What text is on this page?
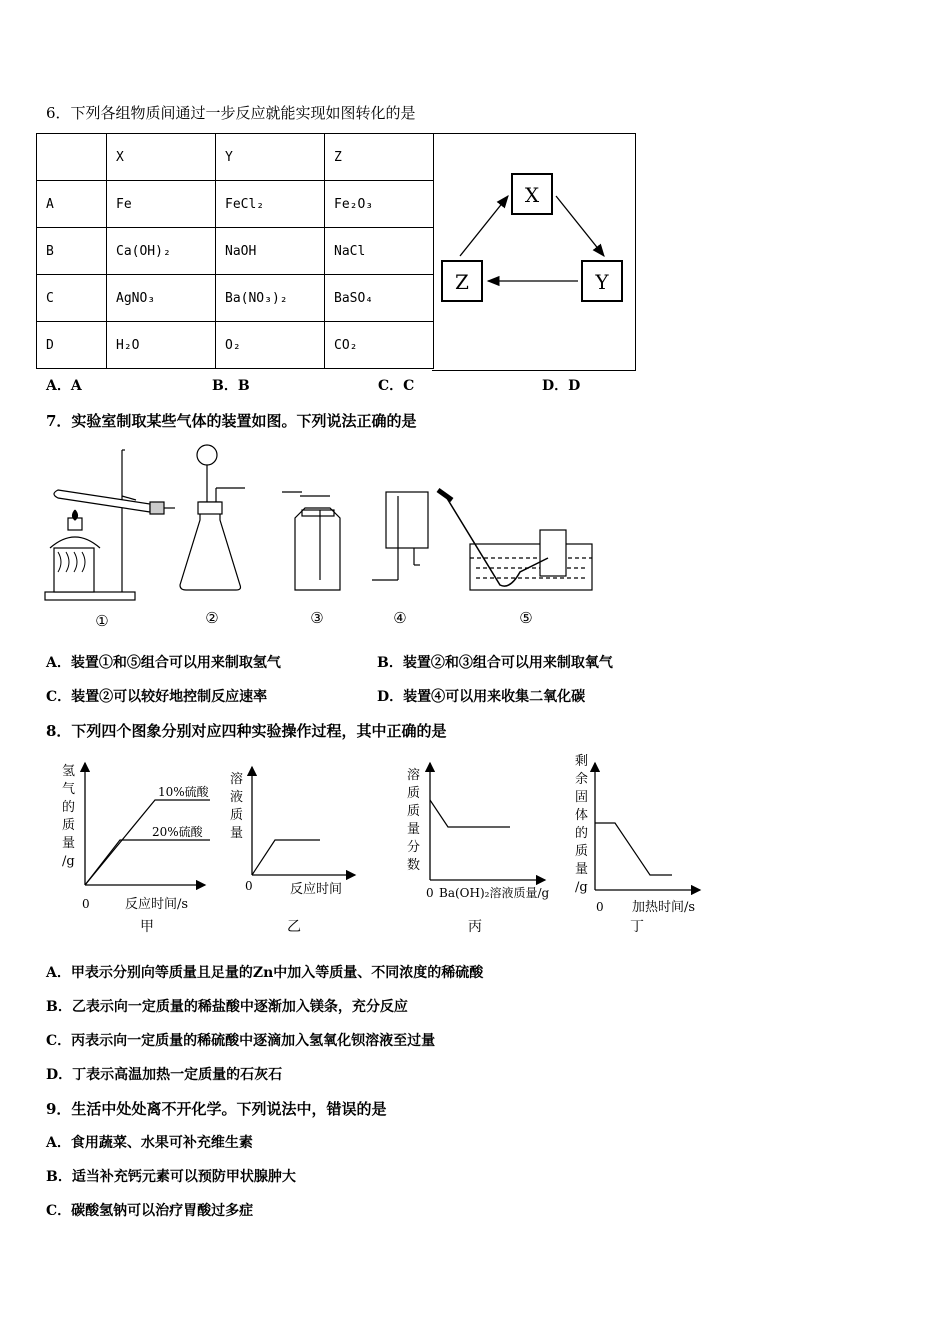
6．下列各组物质间通过一步反应就能实现如图转化的是
	X	Y	Z
A	Fe	FeCl₂	Fe₂O₃
B	Ca(OH)₂	NaOH	NaCl
C	AgNO₃	Ba(NO₃)₂	BaSO₄
D	H₂O	O₂	CO₂
X
Y
Z
A．A	B．B	C．C	D．D
7．实验室制取某些气体的装置如图。下列说法正确的是
①	②	③	④	⑤
A．装置①和⑤组合可以用来制取氢气	B．装置②和③组合可以用来制取氧气
C．装置②可以较好地控制反应速率	D．装置④可以用来收集二氧化碳
8．下列四个图象分别对应四种实验操作过程，其中正确的是
氢气的质量/g
10%硫酸
20%硫酸
0	反应时间/s
甲
溶液质量
0	反应时间
乙
溶质质量分数
0 Ba(OH)₂溶液质量/g
丙
剩余固体的质量/g
0 加热时间/s
丁
A．甲表示分别向等质量且足量的Zn中加入等质量、不同浓度的稀硫酸
B．乙表示向一定质量的稀盐酸中逐渐加入镁条，充分反应
C．丙表示向一定质量的稀硫酸中逐滴加入氢氧化钡溶液至过量
D．丁表示高温加热一定质量的石灰石
9．生活中处处离不开化学。下列说法中，错误的是
A．食用蔬菜、水果可补充维生素
B．适当补充钙元素可以预防甲状腺肿大
C．碳酸氢钠可以治疗胃酸过多症
